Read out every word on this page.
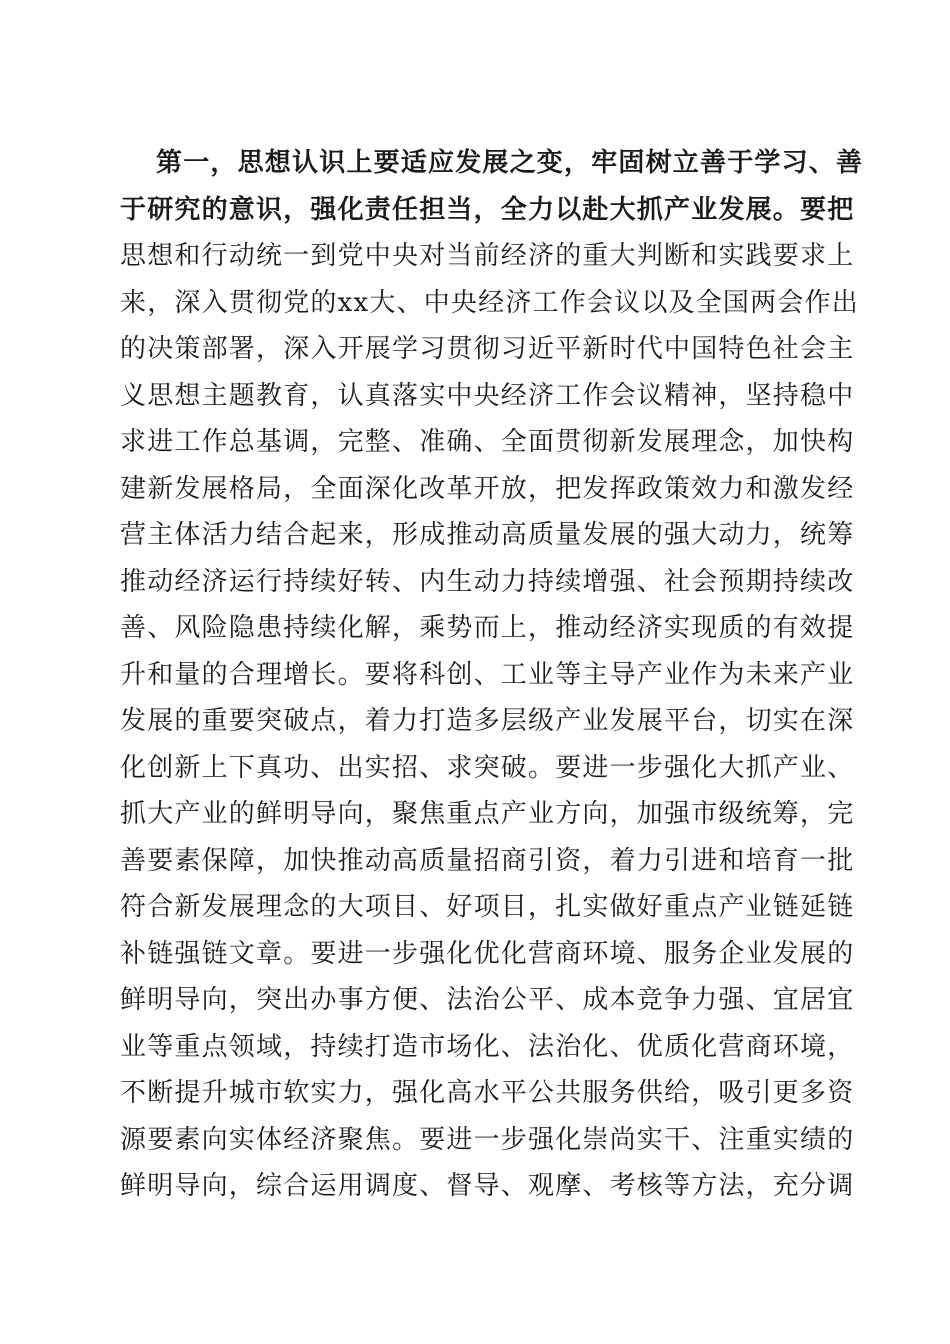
第一，思想认识上要适应发展之变，牢固树立善于学习、善
于研究的意识，强化责任担当，全力以赴大抓产业发展。要把
思想和行动统一到党中央对当前经济的重大判断和实践要求上
来，深入贯彻党的xx大、中央经济工作会议以及全国两会作出
的决策部署，深入开展学习贯彻习近平新时代中国特色社会主
义思想主题教育，认真落实中央经济工作会议精神，坚持稳中
求进工作总基调，完整、准确、全面贯彻新发展理念，加快构
建新发展格局，全面深化改革开放，把发挥政策效力和激发经
营主体活力结合起来，形成推动高质量发展的强大动力，统筹
推动经济运行持续好转、内生动力持续增强、社会预期持续改
善、风险隐患持续化解，乘势而上，推动经济实现质的有效提
升和量的合理增长。要将科创、工业等主导产业作为未来产业
发展的重要突破点，着力打造多层级产业发展平台，切实在深
化创新上下真功、出实招、求突破。要进一步强化大抓产业、
抓大产业的鲜明导向，聚焦重点产业方向，加强市级统筹，完
善要素保障，加快推动高质量招商引资，着力引进和培育一批
符合新发展理念的大项目、好项目，扎实做好重点产业链延链
补链强链文章。要进一步强化优化营商环境、服务企业发展的
鲜明导向，突出办事方便、法治公平、成本竞争力强、宜居宜
业等重点领域，持续打造市场化、法治化、优质化营商环境，
不断提升城市软实力，强化高水平公共服务供给，吸引更多资
源要素向实体经济聚焦。要进一步强化崇尚实干、注重实绩的
鲜明导向，综合运用调度、督导、观摩、考核等方法，充分调
